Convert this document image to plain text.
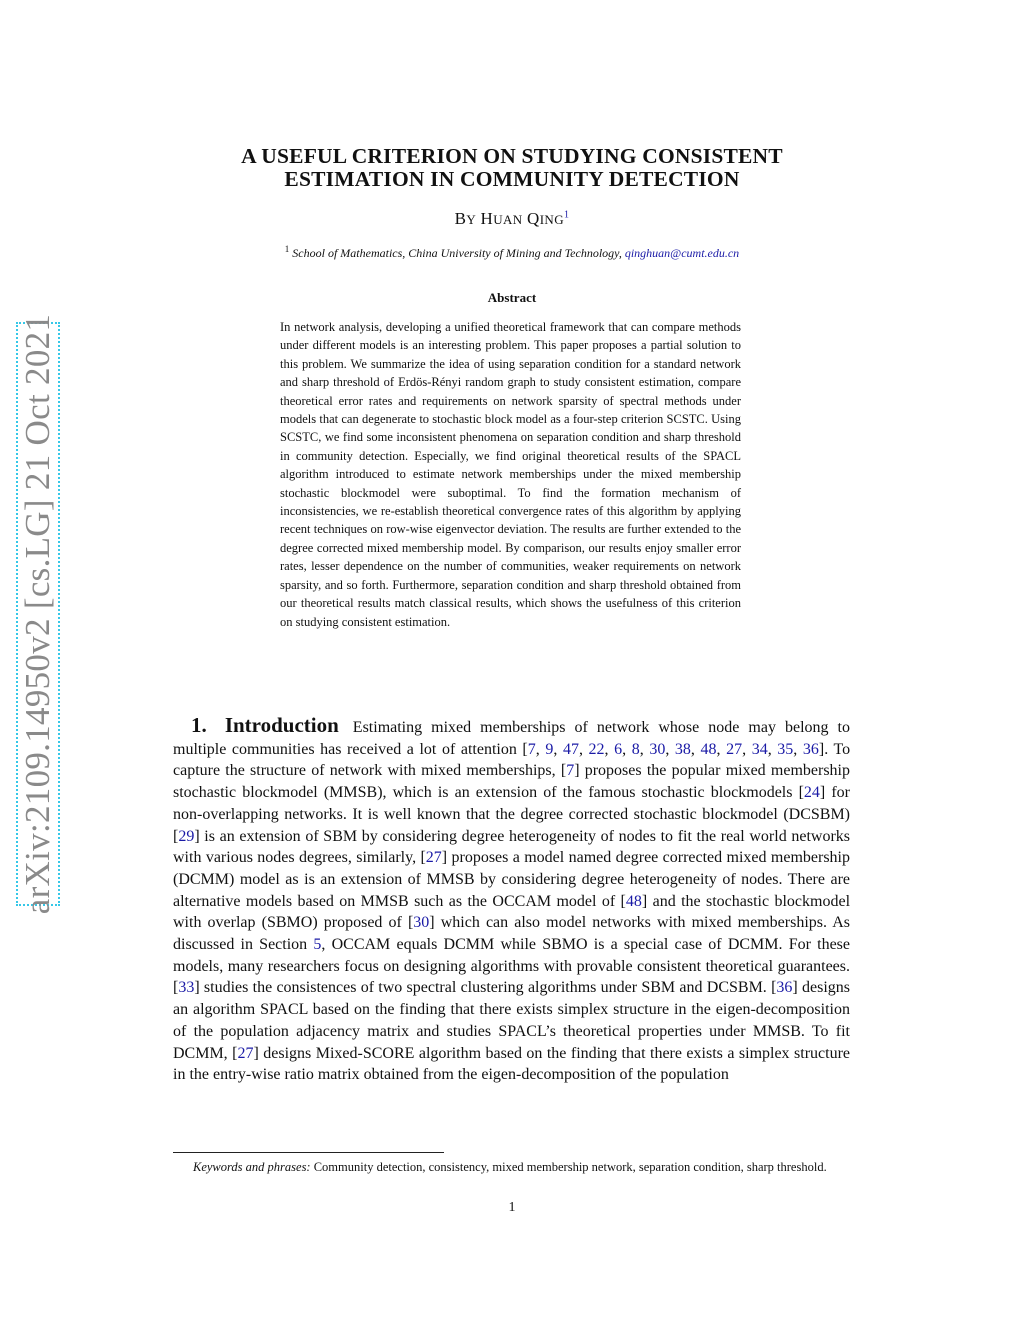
arXiv:2109.14950v2 [cs.LG] 21 Oct 2021
A USEFUL CRITERION ON STUDYING CONSISTENT
ESTIMATION IN COMMUNITY DETECTION
BY HUAN QING$^1$
$^1$ School of Mathematics, China University of Mining and Technology, qinghuan@cumt.edu.cn
Abstract
In network analysis, developing a unified theoretical framework that can compare methods under different models is an interesting problem. This paper proposes a partial solution to this problem. We summarize the idea of using separation condition for a standard network and sharp threshold of Erdös-Rényi random graph to study consistent estimation, compare theoretical error rates and requirements on network sparsity of spectral methods under models that can degenerate to stochastic block model as a four-step criterion SCSTC. Using SCSTC, we find some inconsistent phenomena on separation condition and sharp threshold in community detection. Especially, we find original theoretical results of the SPACL algorithm introduced to estimate network memberships under the mixed membership stochastic blockmodel were suboptimal. To find the formation mechanism of inconsistencies, we re-establish theoretical convergence rates of this algorithm by applying recent techniques on row-wise eigenvector deviation. The results are further extended to the degree corrected mixed membership model. By comparison, our results enjoy smaller error rates, lesser dependence on the number of communities, weaker requirements on network sparsity, and so forth. Furthermore, separation condition and sharp threshold obtained from our theoretical results match classical results, which shows the usefulness of this criterion on studying consistent estimation.
1. Introduction Estimating mixed memberships of network whose node may belong to multiple communities has received a lot of attention [7, 9, 47, 22, 6, 8, 30, 38, 48, 27, 34, 35, 36]. To capture the structure of network with mixed memberships, [7] proposes the popular mixed membership stochastic blockmodel (MMSB), which is an extension of the famous stochastic blockmodels [24] for non-overlapping networks. It is well known that the degree corrected stochastic blockmodel (DCSBM) [29] is an extension of SBM by considering degree heterogeneity of nodes to fit the real world networks with various nodes degrees, similarly, [27] proposes a model named degree corrected mixed membership (DCMM) model as is an extension of MMSB by considering degree heterogeneity of nodes. There are alternative models based on MMSB such as the OCCAM model of [48] and the stochastic blockmodel with overlap (SBMO) proposed of [30] which can also model networks with mixed memberships. As discussed in Section 5, OCCAM equals DCMM while SBMO is a special case of DCMM. For these models, many researchers focus on designing algorithms with provable consistent theoretical guarantees. [33] studies the consistences of two spectral clustering algorithms under SBM and DCSBM. [36] designs an algorithm SPACL based on the finding that there exists simplex structure in the eigen-decomposition of the population adjacency matrix and studies SPACL’s theoretical properties under MMSB. To fit DCMM, [27] designs Mixed-SCORE algorithm based on the finding that there exists a simplex structure in the entry-wise ratio matrix obtained from the eigen-decomposition of the population
Keywords and phrases: Community detection, consistency, mixed membership network, separation condition, sharp threshold.
1
